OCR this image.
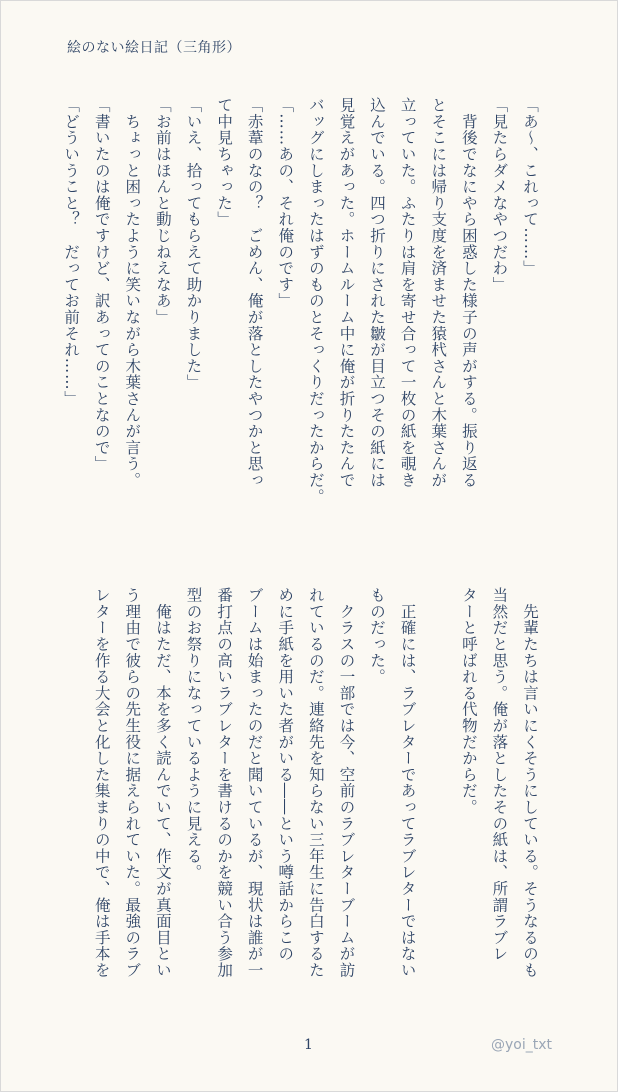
絵のない絵日記（三角形）

「あ〜、これって……」

「見たらダメなやつだわ」

　背後でなにやら困惑した様子の声がする。振り返る

とそこには帰り支度を済ませた猿杙さんと木葉さんが

立っていた。ふたりは肩を寄せ合って一枚の紙を覗き

込んでいる。四つ折りにされた皺が目立つその紙には

見覚えがあった。ホームルーム中に俺が折りたたんで

バッグにしまったはずのものとそっくりだったからだ。

「……あの、それ俺のです」

「赤葦のなの？　ごめん、俺が落としたやつかと思っ

て中見ちゃった」

「いえ、拾ってもらえて助かりました」

「お前はほんと動じねえなあ」

　ちょっと困ったように笑いながら木葉さんが言う。

「書いたのは俺ですけど、訳あってのことなので」

「どういうこと？　だってお前それ……」

　先輩たちは言いにくそうにしている。そうなるのも

当然だと思う。俺が落としたその紙は、所謂ラブレ

ターと呼ばれる代物だからだ。

　正確には、ラブレターであってラブレターではない

ものだった。

　クラスの一部では今、空前のラブレターブームが訪

れているのだ。連絡先を知らない三年生に告白するた

めに手紙を用いた者がいる――という噂話からこの

ブームは始まったのだと聞いているが、現状は誰が一

番打点の高いラブレターを書けるのかを競い合う参加

型のお祭りになっているように見える。

　俺はただ、本を多く読んでいて、作文が真面目とい

う理由で彼らの先生役に据えられていた。最強のラブ

レターを作る大会と化した集まりの中で、俺は手本を

1	@yoi_txt
